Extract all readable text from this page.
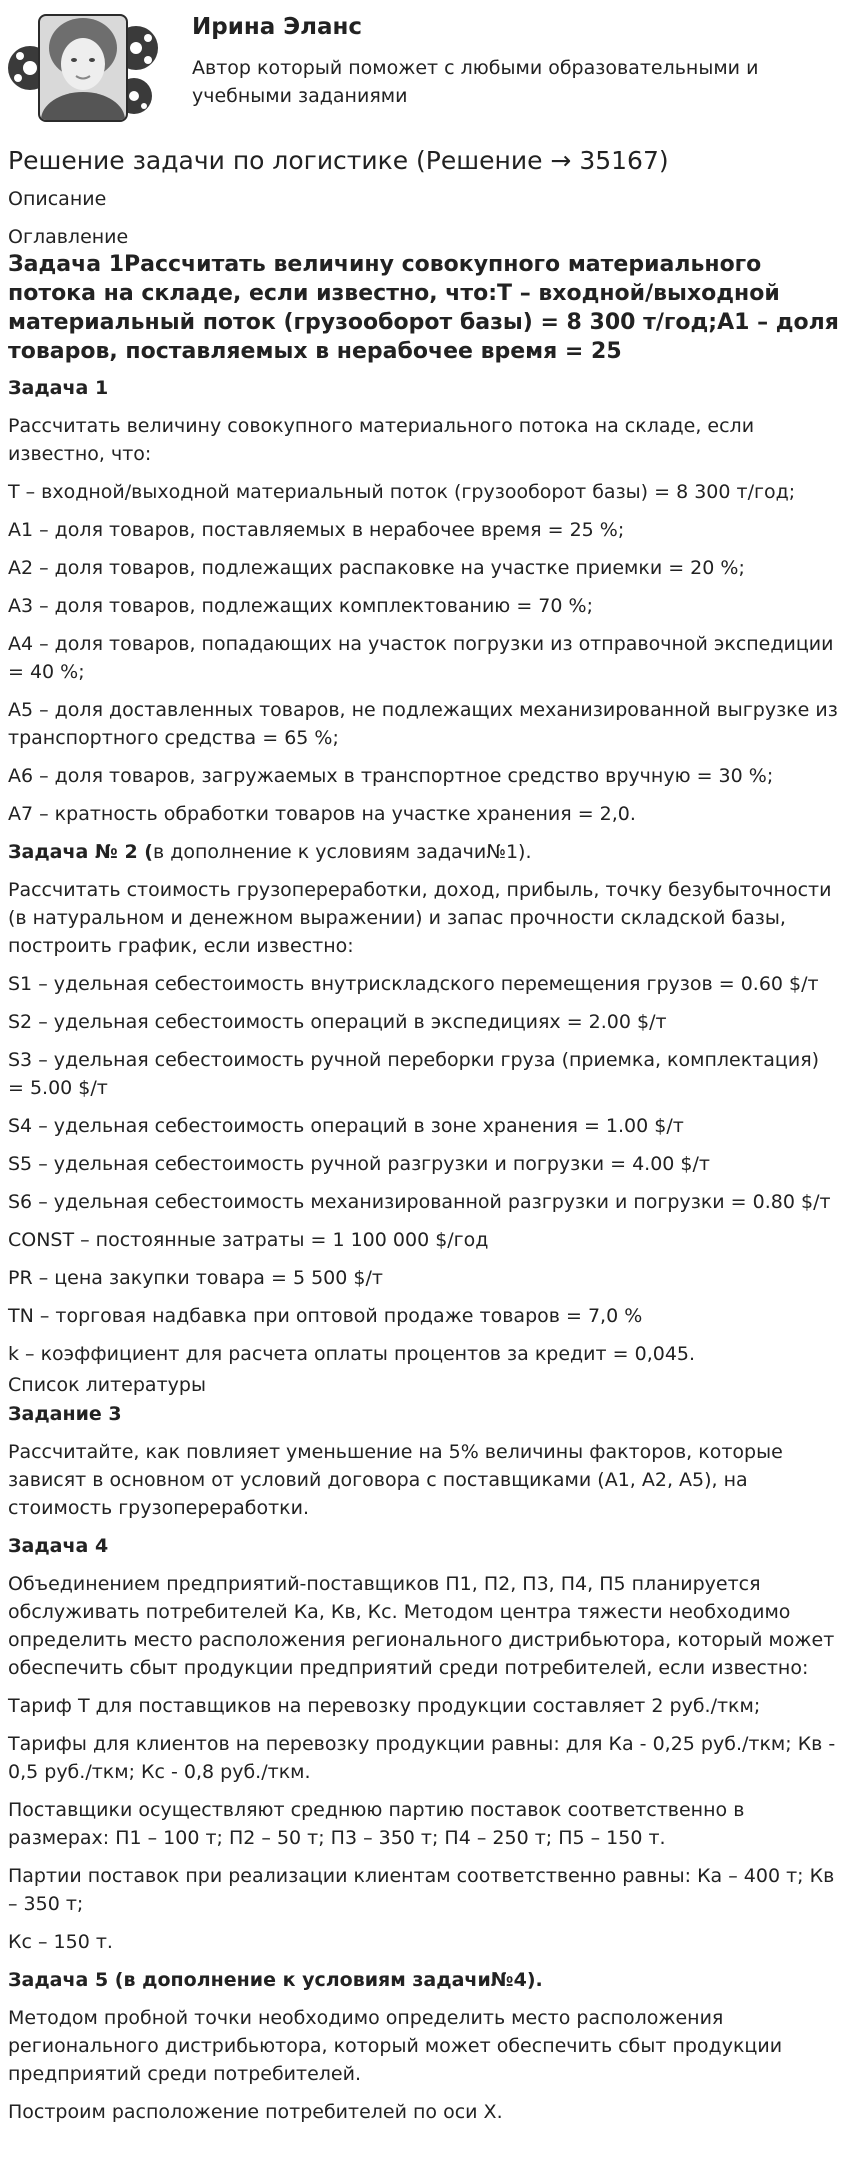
Ирина Эланс
Автор который поможет с любыми образовательными и учебными заданиями
Решение задачи по логистике (Решение → 35167)
Описание
Оглавление
Задача 1Рассчитать величину совокупного материального потока на складе, если известно, что:Т – входной/выходной материальный поток (грузооборот базы) = 8 300 т/год;А1 – доля товаров, поставляемых в нерабочее время = 25
Задача 1
Рассчитать величину совокупного материального потока на складе, если известно, что:
Т – входной/выходной материальный поток (грузооборот базы) = 8 300 т/год;
А1 – доля товаров, поставляемых в нерабочее время = 25 %;
А2 – доля товаров, подлежащих распаковке на участке приемки = 20 %;
А3 – доля товаров, подлежащих комплектованию = 70 %;
А4 – доля товаров, попадающих на участок погрузки из отправочной экспедиции = 40 %;
А5 – доля доставленных товаров, не подлежащих механизированной выгрузке из транспортного средства = 65 %;
А6 – доля товаров, загружаемых в транспортное средство вручную = 30 %;
А7 – кратность обработки товаров на участке хранения = 2,0.
Задача № 2 (в дополнение к условиям задачи№1).
Рассчитать стоимость грузопереработки, доход, прибыль, точку безубыточности (в натуральном и денежном выражении) и запас прочности складской базы, построить график, если известно:
S1 – удельная себестоимость внутрискладского перемещения грузов = 0.60 $/т
S2 – удельная себестоимость операций в экспедициях = 2.00 $/т
S3 – удельная себестоимость ручной переборки груза (приемка, комплектация) = 5.00 $/т
S4 – удельная себестоимость операций в зоне хранения = 1.00 $/т
S5 – удельная себестоимость ручной разгрузки и погрузки = 4.00 $/т
S6 – удельная себестоимость механизированной разгрузки и погрузки = 0.80 $/т
CONST – постоянные затраты = 1 100 000 $/год
PR – цена закупки товара = 5 500 $/т
TN – торговая надбавка при оптовой продаже товаров = 7,0 %
k – коэффициент для расчета оплаты процентов за кредит = 0,045.
Список литературы
Задание 3
Рассчитайте, как повлияет уменьшение на 5% величины факторов, которые зависят в основном от условий договора с поставщиками (А1, А2, А5), на стоимость грузопереработки.
Задача 4
Объединением предприятий-поставщиков П1, П2, П3, П4, П5 планируется обслуживать потребителей Ка, Кв, Кс. Методом центра тяжести необходимо определить место расположения регионального дистрибьютора, который может обеспечить сбыт продукции предприятий среди потребителей, если известно:
Тариф Т для поставщиков на перевозку продукции составляет 2 руб./ткм;
Тарифы для клиентов на перевозку продукции равны: для Ка - 0,25 руб./ткм; Кв - 0,5 руб./ткм; Кс - 0,8 руб./ткм.
Поставщики осуществляют среднюю партию поставок соответственно в размерах: П1 – 100 т; П2 – 50 т; П3 – 350 т; П4 – 250 т; П5 – 150 т.
Партии поставок при реализации клиентам соответственно равны: Ка – 400 т; Кв – 350 т;
Кс – 150 т.
Задача 5 (в дополнение к условиям задачи№4).
Методом пробной точки необходимо определить место расположения регионального дистрибьютора, который может обеспечить сбыт продукции предприятий среди потребителей.
Построим расположение потребителей по оси Х.
